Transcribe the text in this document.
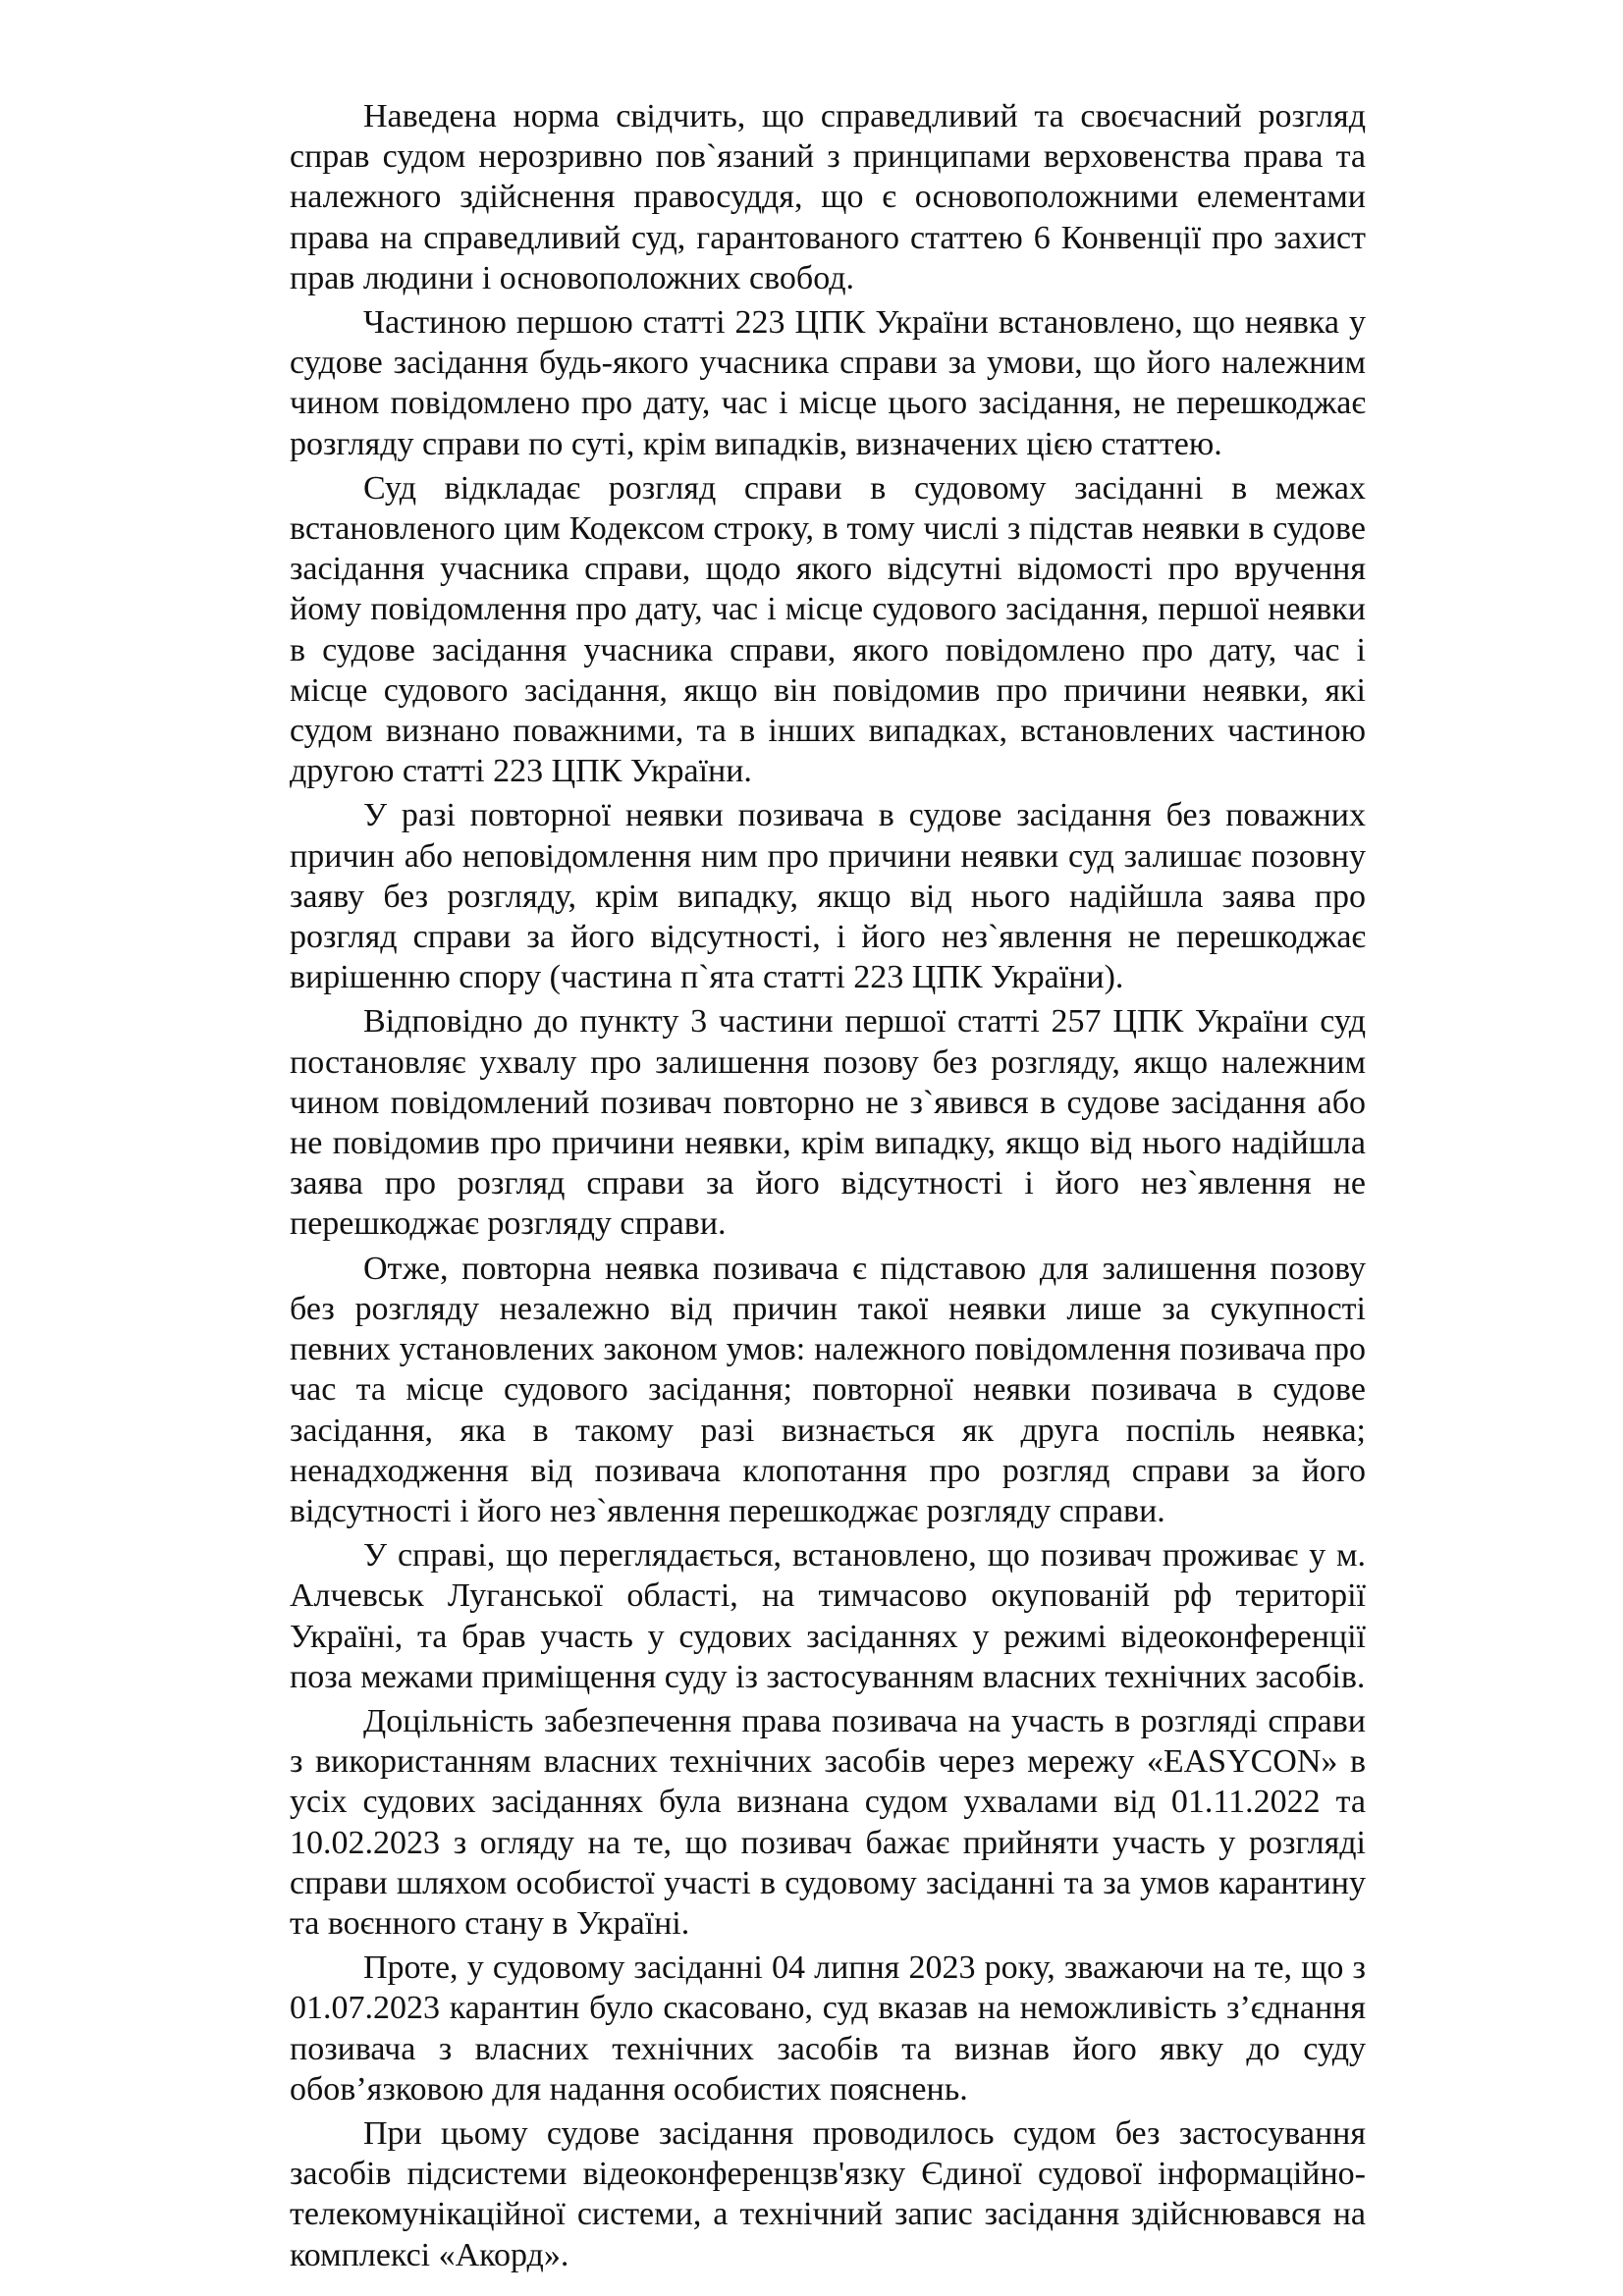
Наведена норма свідчить, що справедливий та своєчасний розгляд справ судом нерозривно пов`язаний з принципами верховенства права та належного здійснення правосуддя, що є основоположними елементами права на справедливий суд, гарантованого статтею 6 Конвенції про захист прав людини і основоположних свобод.

Частиною першою статті 223 ЦПК України встановлено, що неявка у судове засідання будь-якого учасника справи за умови, що його належним чином повідомлено про дату, час і місце цього засідання, не перешкоджає розгляду справи по суті, крім випадків, визначених цією статтею.

Суд відкладає розгляд справи в судовому засіданні в межах встановленого цим Кодексом строку, в тому числі з підстав неявки в судове засідання учасника справи, щодо якого відсутні відомості про вручення йому повідомлення про дату, час і місце судового засідання, першої неявки в судове засідання учасника справи, якого повідомлено про дату, час і місце судового засідання, якщо він повідомив про причини неявки, які судом визнано поважними, та в інших випадках, встановлених частиною другою статті 223 ЦПК України.

У разі повторної неявки позивача в судове засідання без поважних причин або неповідомлення ним про причини неявки суд залишає позовну заяву без розгляду, крім випадку, якщо від нього надійшла заява про розгляд справи за його відсутності, і його нез`явлення не перешкоджає вирішенню спору (частина п`ята статті 223 ЦПК України).

Відповідно до пункту 3 частини першої статті 257 ЦПК України суд постановляє ухвалу про залишення позову без розгляду, якщо належним чином повідомлений позивач повторно не з`явився в судове засідання або не повідомив про причини неявки, крім випадку, якщо від нього надійшла заява про розгляд справи за його відсутності і його нез`явлення не перешкоджає розгляду справи.

Отже, повторна неявка позивача є підставою для залишення позову без розгляду незалежно від причин такої неявки лише за сукупності певних установлених законом умов: належного повідомлення позивача про час та місце судового засідання; повторної неявки позивача в судове засідання, яка в такому разі визнається як друга поспіль неявка; ненадходження від позивача клопотання про розгляд справи за його відсутності і його нез`явлення перешкоджає розгляду справи.

У справі, що переглядається, встановлено, що позивач проживає у м. Алчевськ Луганської області, на тимчасово окупованій рф території Україні, та брав участь у судових засіданнях у режимі відеоконференції поза межами приміщення суду із застосуванням власних технічних засобів.

Доцільність забезпечення права позивача на участь в розгляді справи з використанням власних технічних засобів через мережу «EASYCON» в усіх судових засіданнях була визнана судом ухвалами від 01.11.2022 та 10.02.2023 з огляду на те, що позивач бажає прийняти участь у розгляді справи шляхом особистої участі в судовому засіданні та за умов карантину та воєнного стану в Україні.

Проте, у судовому засіданні 04 липня 2023 року, зважаючи на те, що з 01.07.2023 карантин було скасовано, суд вказав на неможливість з’єднання позивача з власних технічних засобів та визнав його явку до суду обов’язковою для надання особистих пояснень.

При цьому судове засідання проводилось судом без застосування засобів підсистеми відеоконференцзв'язку Єдиної судової інформаційно-телекомунікаційної системи, а технічний запис засідання здійснювався на комплексі «Акорд».
